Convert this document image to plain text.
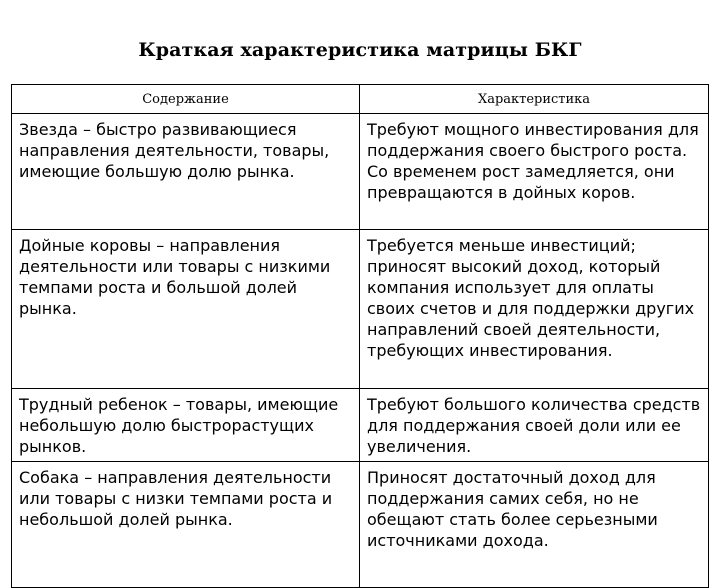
Краткая характеристика матрицы БКГ
Содержание	Характеристика
Звезда – быстро развивающиеся направления деятельности, товары, имеющие большую долю рынка.	Требуют мощного инвестирования для поддержания своего быстрого роста. Со временем рост замедляется, они превращаются в дойных коров.
Дойные коровы – направления деятельности или товары с низкими темпами роста и большой долей рынка.	Требуется меньше инвестиций; приносят высокий доход, который компания использует для оплаты своих счетов и для поддержки других направлений своей деятельности, требующих инвестирования.
Трудный ребенок – товары, имеющие небольшую долю быстрорастущих рынков.	Требуют большого количества средств для поддержания своей доли или ее увеличения.
Собака – направления деятельности или товары с низки темпами роста и небольшой долей рынка.	Приносят достаточный доход для поддержания самих себя, но не обещают стать более серьезными источниками дохода.
